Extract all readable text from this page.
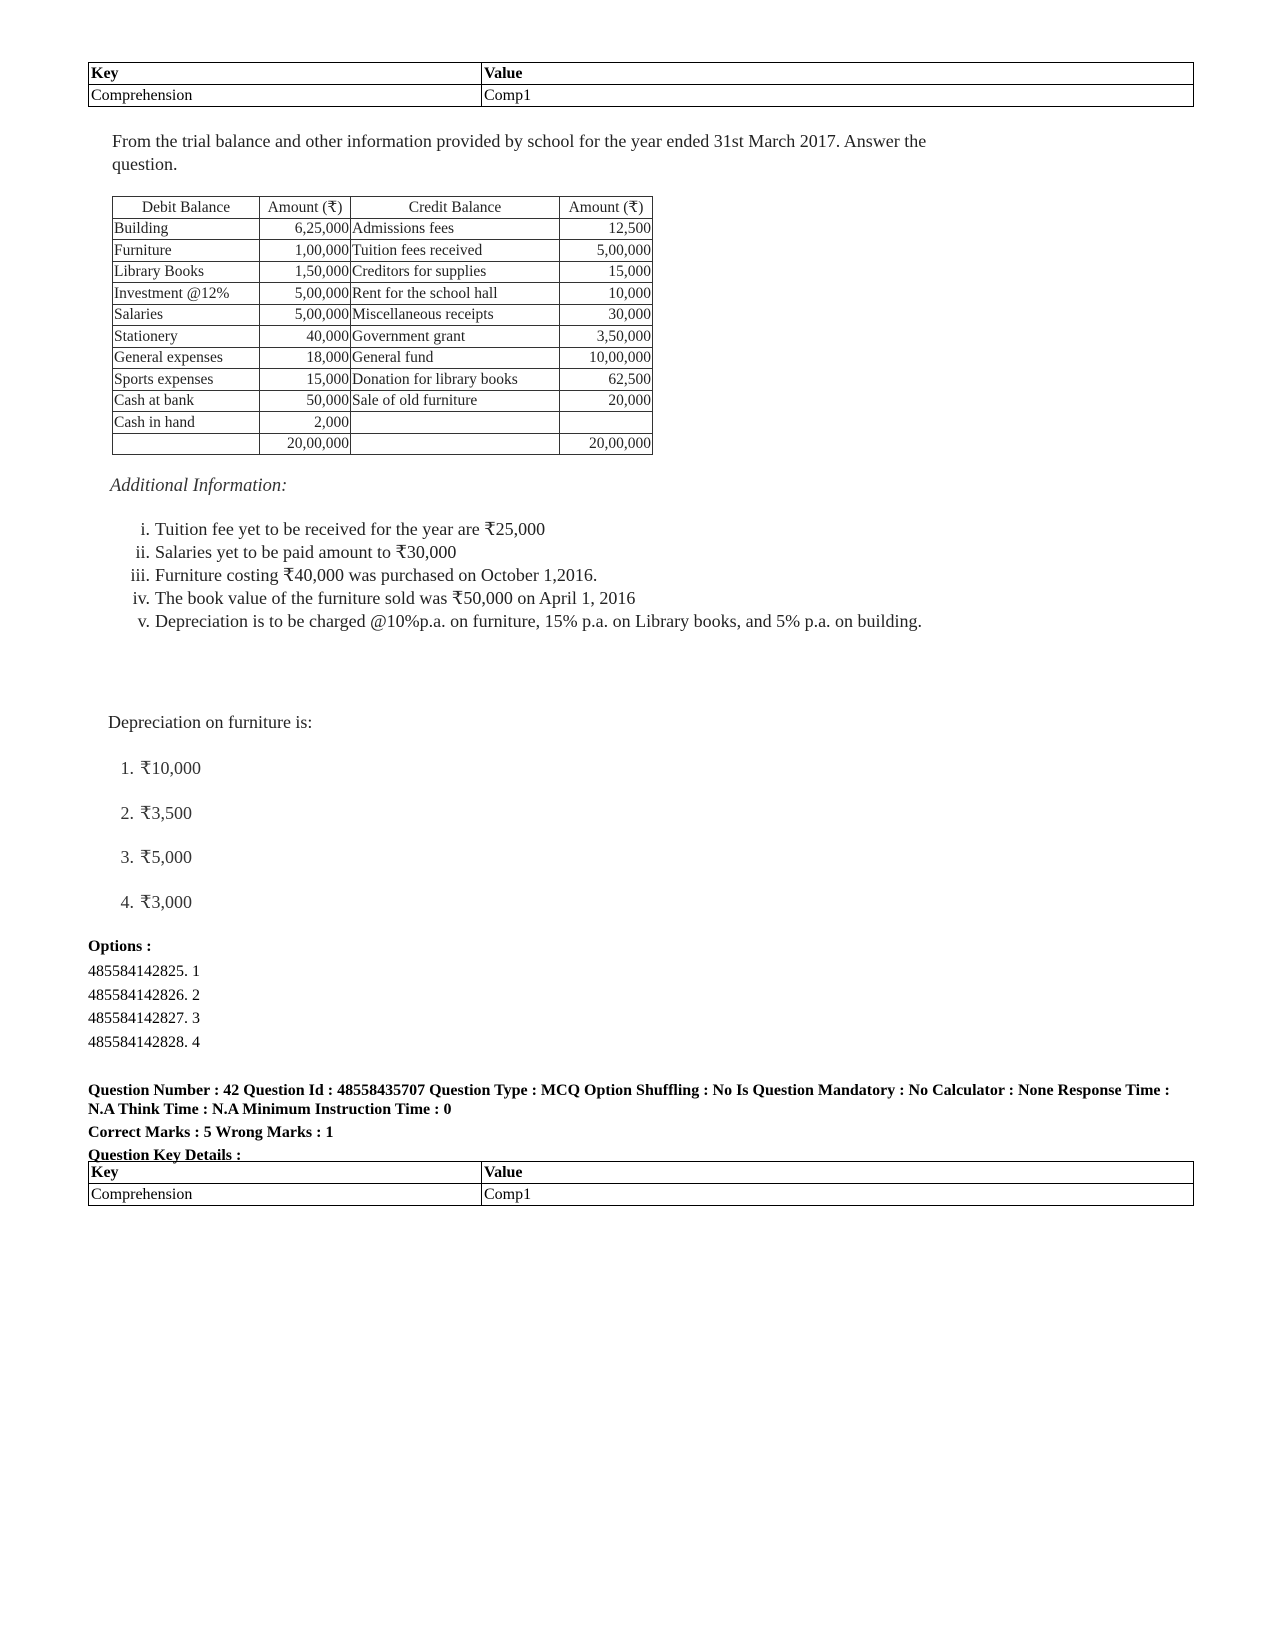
Key	Value
Comprehension	Comp1
From the trial balance and other information provided by school for the year ended 31st March 2017. Answer the question.
Debit Balance	Amount (₹)	Credit Balance	Amount (₹)
Building	6,25,000	Admissions fees	12,500
Furniture	1,00,000	Tuition fees received	5,00,000
Library Books	1,50,000	Creditors for supplies	15,000
Investment @12%	5,00,000	Rent for the school hall	10,000
Salaries	5,00,000	Miscellaneous receipts	30,000
Stationery	40,000	Government grant	3,50,000
General expenses	18,000	General fund	10,00,000
Sports expenses	15,000	Donation for library books	62,500
Cash at bank	50,000	Sale of old furniture	20,000
Cash in hand	2,000		
	20,00,000		20,00,000
Additional Information:
i. Tuition fee yet to be received for the year are ₹25,000
ii. Salaries yet to be paid amount to ₹30,000
iii. Furniture costing ₹40,000 was purchased on October 1,2016.
iv. The book value of the furniture sold was ₹50,000 on April 1, 2016
v. Depreciation is to be charged @10%p.a. on furniture, 15% p.a. on Library books, and 5% p.a. on building.
Depreciation on furniture is:
1. ₹10,000
2. ₹3,500
3. ₹5,000
4. ₹3,000
Options :
485584142825. 1
485584142826. 2
485584142827. 3
485584142828. 4
Question Number : 42 Question Id : 48558435707 Question Type : MCQ Option Shuffling : No Is Question Mandatory : No Calculator : None Response Time : N.A Think Time : N.A Minimum Instruction Time : 0
Correct Marks : 5 Wrong Marks : 1
Question Key Details :
Key	Value
Comprehension	Comp1
